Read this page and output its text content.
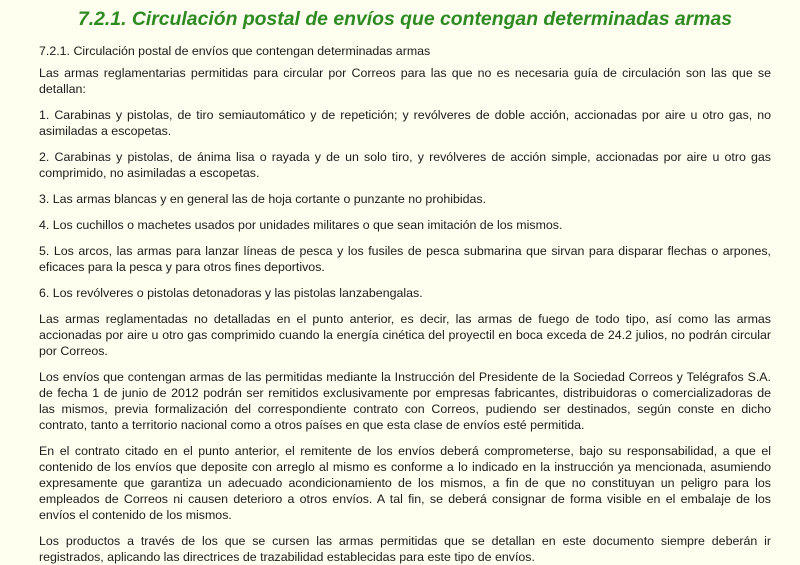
7.2.1. Circulación postal de envíos que contengan determinadas armas
7.2.1. Circulación postal de envíos que contengan determinadas armas

Las armas reglamentarias permitidas para circular por Correos para las que no es necesaria guía de circulación son las que se detallan:

1. Carabinas y pistolas, de tiro semiautomático y de repetición; y revólveres de doble acción, accionadas por aire u otro gas, no asimiladas a escopetas.

2. Carabinas y pistolas, de ánima lisa o rayada y de un solo tiro, y revólveres de acción simple, accionadas por aire u otro gas comprimido, no asimiladas a escopetas.

3. Las armas blancas y en general las de hoja cortante o punzante no prohibidas.

4. Los cuchillos o machetes usados por unidades militares o que sean imitación de los mismos.

5. Los arcos, las armas para lanzar líneas de pesca y los fusiles de pesca submarina que sirvan para disparar flechas o arpones, eficaces para la pesca y para otros fines deportivos.

6. Los revólveres o pistolas detonadoras y las pistolas lanzabengalas.

Las armas reglamentadas no detalladas en el punto anterior, es decir, las armas de fuego de todo tipo, así como las armas accionadas por aire u otro gas comprimido cuando la energía cinética del proyectil en boca exceda de 24.2 julios, no podrán circular por Correos.

Los envíos que contengan armas de las permitidas mediante la Instrucción del Presidente de la Sociedad Correos y Telégrafos S.A. de fecha 1 de junio de 2012 podrán ser remitidos exclusivamente por empresas fabricantes, distribuidoras o comercializadoras de las mismos, previa formalización del correspondiente contrato con Correos, pudiendo ser destinados, según conste en dicho contrato, tanto a territorio nacional como a otros países en que esta clase de envíos esté permitida.

En el contrato citado en el punto anterior, el remitente de los envíos deberá comprometerse, bajo su responsabilidad, a que el contenido de los envíos que deposite con arreglo al mismo es conforme a lo indicado en la instrucción ya mencionada, asumiendo expresamente que garantiza un adecuado acondicionamiento de los mismos, a fin de que no constituyan un peligro para los empleados de Correos ni causen deterioro a otros envíos. A tal fin, se deberá consignar de forma visible en el embalaje de los envíos el contenido de los mismos.

Los productos a través de los que se cursen las armas permitidas que se detallan en este documento siempre deberán ir registrados, aplicando las directrices de trazabilidad establecidas para este tipo de envíos.
